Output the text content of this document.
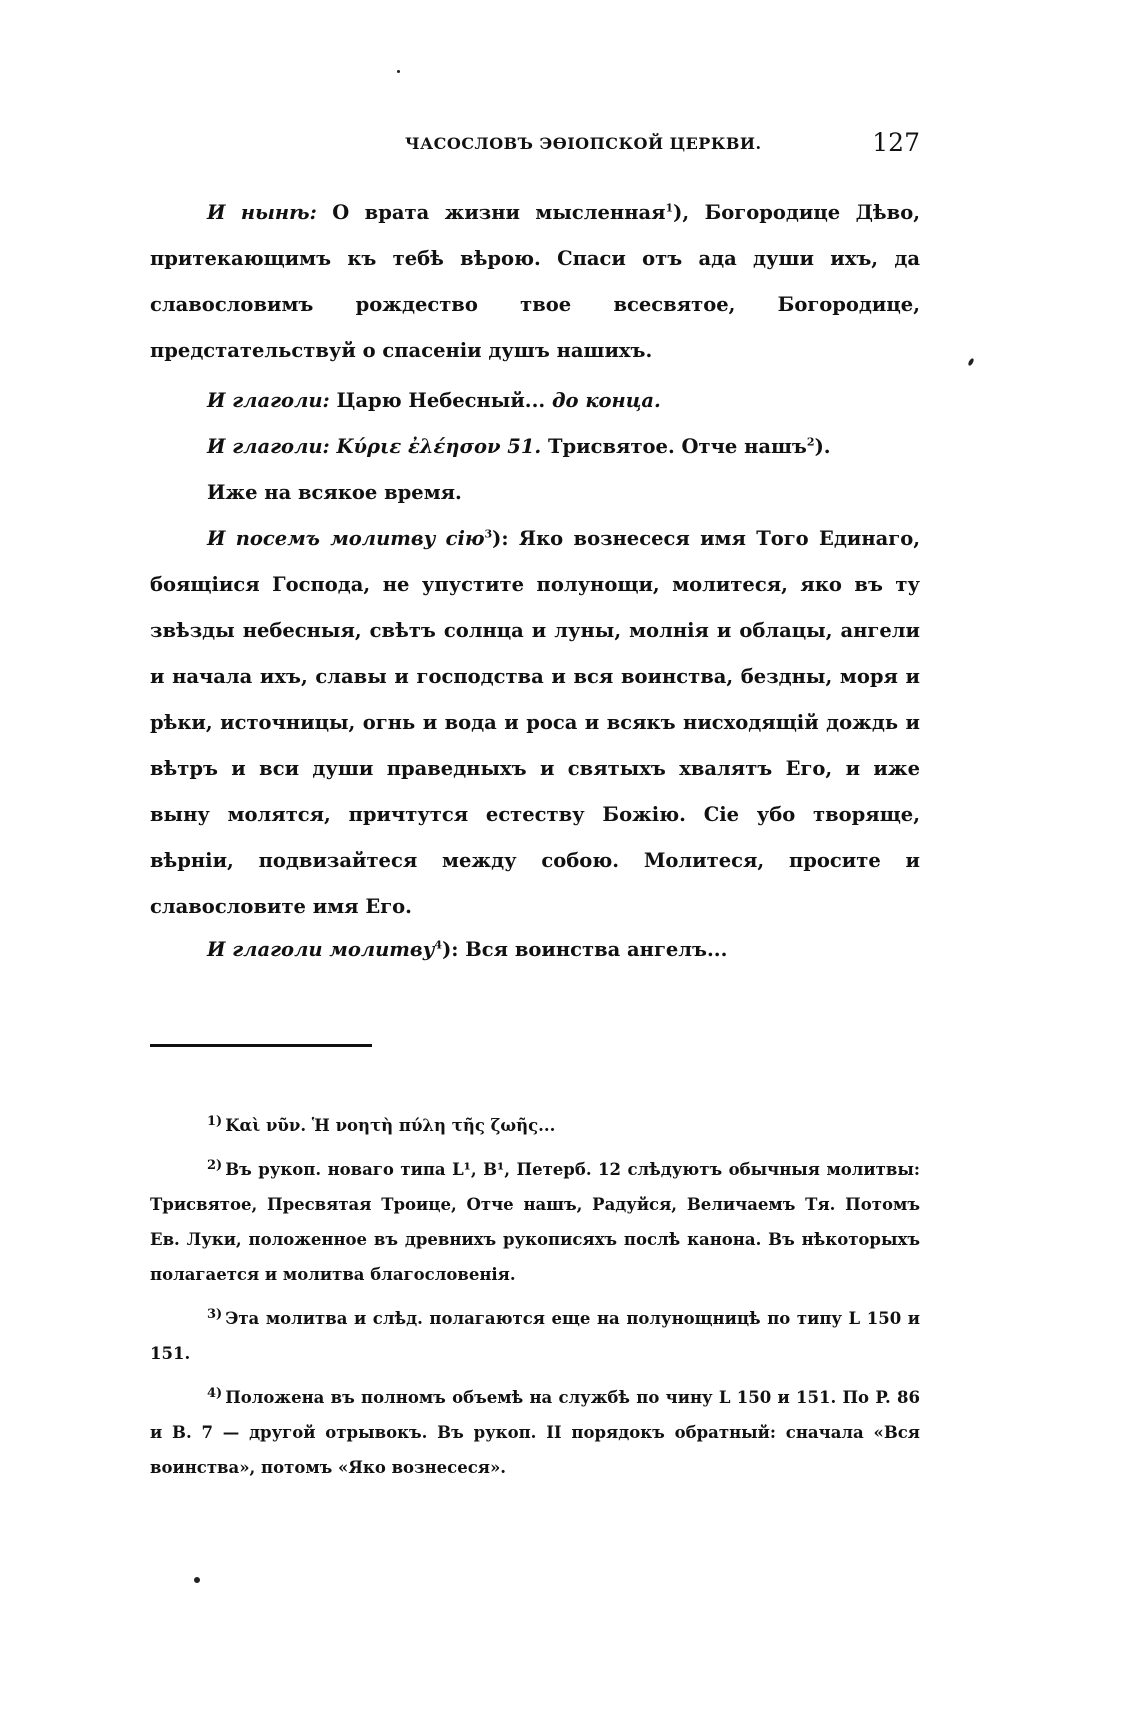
ЧАСОСЛОВЪ ЭѲІОПСКОЙ ЦЕРКВИ.	127

И нынѣ: О врата жизни мысленная$^1$), Богородице Дѣво, притекающимъ къ тебѣ вѣрою. Спаси отъ ада души ихъ, да славословимъ рождество твое всесвятое, Богородице, предстательствуй о спасеніи душъ нашихъ.

И глаголи: Царю Небесный... до конца.
И глаголи: Κύριε ἐλέησον 51. Трисвятое. Отче нашъ$^2$).
Иже на всякое время.

И посемъ молитву сію$^3$): Яко вознесеся имя Того Единаго, боящіися Господа, не упустите полунощи, молитеся, яко въ ту звѣзды небесныя, свѣтъ солнца и луны, молнія и облацы, ангели и начала ихъ, славы и господства и вся воинства, бездны, моря и рѣки, источницы, огнь и вода и роса и всякъ нисходящій дождь и вѣтръ и вси души праведныхъ и святыхъ хвалятъ Его, и иже выну молятся, причтутся естеству Божію. Сіе убо творяще, вѣрніи, подвизайтеся между собою. Молитеся, просите и славословите имя Его.

И глаголи молитву$^4$): Вся воинства ангелъ...

$^{1)}$ Καὶ νῦν. Ἡ νοητὴ πύλη τῆς ζωῆς...

$^{2)}$ Въ рукоп. новаго типа L¹, B¹, Петерб. 12 слѣдуютъ обычныя молитвы: Трисвятое, Пресвятая Троице, Отче нашъ, Радуйся, Величаемъ Тя. Потомъ Ев. Луки, положенное въ древнихъ рукописяхъ послѣ канона. Въ нѣкоторыхъ полагается и молитва благословенія.

$^{3)}$ Эта молитва и слѣд. полагаются еще на полунощницѣ по типу L 150 и 151.

$^{4)}$ Положена въ полномъ объемѣ на службѣ по чину L 150 и 151. По P. 86 и B. 7 — другой отрывокъ. Въ рукоп. II порядокъ обратный: сначала «Вся воинства», потомъ «Яко вознесеся».
